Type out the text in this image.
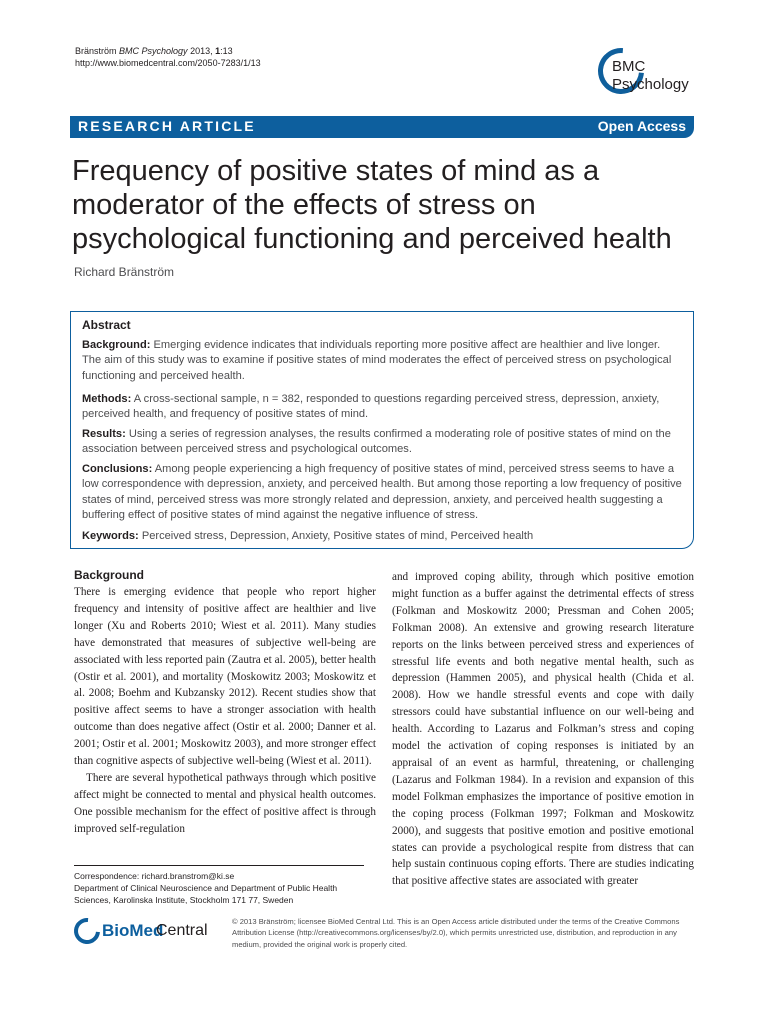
Bränström BMC Psychology 2013, 1:13
http://www.biomedcentral.com/2050-7283/1/13	BMC
Psychology
RESEARCH ARTICLE	Open Access
Frequency of positive states of mind as a moderator of the effects of stress on psychological functioning and perceived health
Richard Bränström
Abstract
Background: Emerging evidence indicates that individuals reporting more positive affect are healthier and live longer. The aim of this study was to examine if positive states of mind moderates the effect of perceived stress on psychological functioning and perceived health.
Methods: A cross-sectional sample, n = 382, responded to questions regarding perceived stress, depression, anxiety, perceived health, and frequency of positive states of mind.
Results: Using a series of regression analyses, the results confirmed a moderating role of positive states of mind on the association between perceived stress and psychological outcomes.
Conclusions: Among people experiencing a high frequency of positive states of mind, perceived stress seems to have a low correspondence with depression, anxiety, and perceived health. But among those reporting a low frequency of positive states of mind, perceived stress was more strongly related and depression, anxiety, and perceived health suggesting a buffering effect of positive states of mind against the negative influence of stress.
Keywords: Perceived stress, Depression, Anxiety, Positive states of mind, Perceived health
Background

There is emerging evidence that people who report higher frequency and intensity of positive affect are healthier and live longer (Xu and Roberts 2010; Wiest et al. 2011). Many studies have demonstrated that measures of subjective well-being are associated with less reported pain (Zautra et al. 2005), better health (Ostir et al. 2001), and mortality (Moskowitz 2003; Moskowitz et al. 2008; Boehm and Kubzansky 2012). Recent studies show that positive affect seems to have a stronger association with health outcome than does negative affect (Ostir et al. 2000; Danner et al. 2001; Ostir et al. 2001; Moskowitz 2003), and more stronger effect than cognitive aspects of subjective well-being (Wiest et al. 2011).

There are several hypothetical pathways through which positive affect might be connected to mental and physical health outcomes. One possible mechanism for the effect of positive affect is through improved self-regulation

and improved coping ability, through which positive emotion might function as a buffer against the detrimental effects of stress (Folkman and Moskowitz 2000; Pressman and Cohen 2005; Folkman 2008). An extensive and growing research literature reports on the links between perceived stress and experiences of stressful life events and both negative mental health, such as depression (Hammen 2005), and physical health (Chida et al. 2008). How we handle stressful events and cope with daily stressors could have substantial influence on our well-being and health. According to Lazarus and Folkman’s stress and coping model the activation of coping responses is initiated by an appraisal of an event as harmful, threatening, or challenging (Lazarus and Folkman 1984). In a revision and expansion of this model Folkman emphasizes the importance of positive emotion in the coping process (Folkman 1997; Folkman and Moskowitz 2000), and suggests that positive emotion and positive emotional states can provide a psychological respite from distress that can help sustain continuous coping efforts. There are studies indicating that positive affective states are associated with greater

Correspondence: richard.branstrom@ki.se
Department of Clinical Neuroscience and Department of Public Health Sciences, Karolinska Institute, Stockholm 171 77, Sweden
BioMed
Central
© 2013 Bränström; licensee BioMed Central Ltd. This is an Open Access article distributed under the terms of the Creative Commons Attribution License (http://creativecommons.org/licenses/by/2.0), which permits unrestricted use, distribution, and reproduction in any medium, provided the original work is properly cited.
